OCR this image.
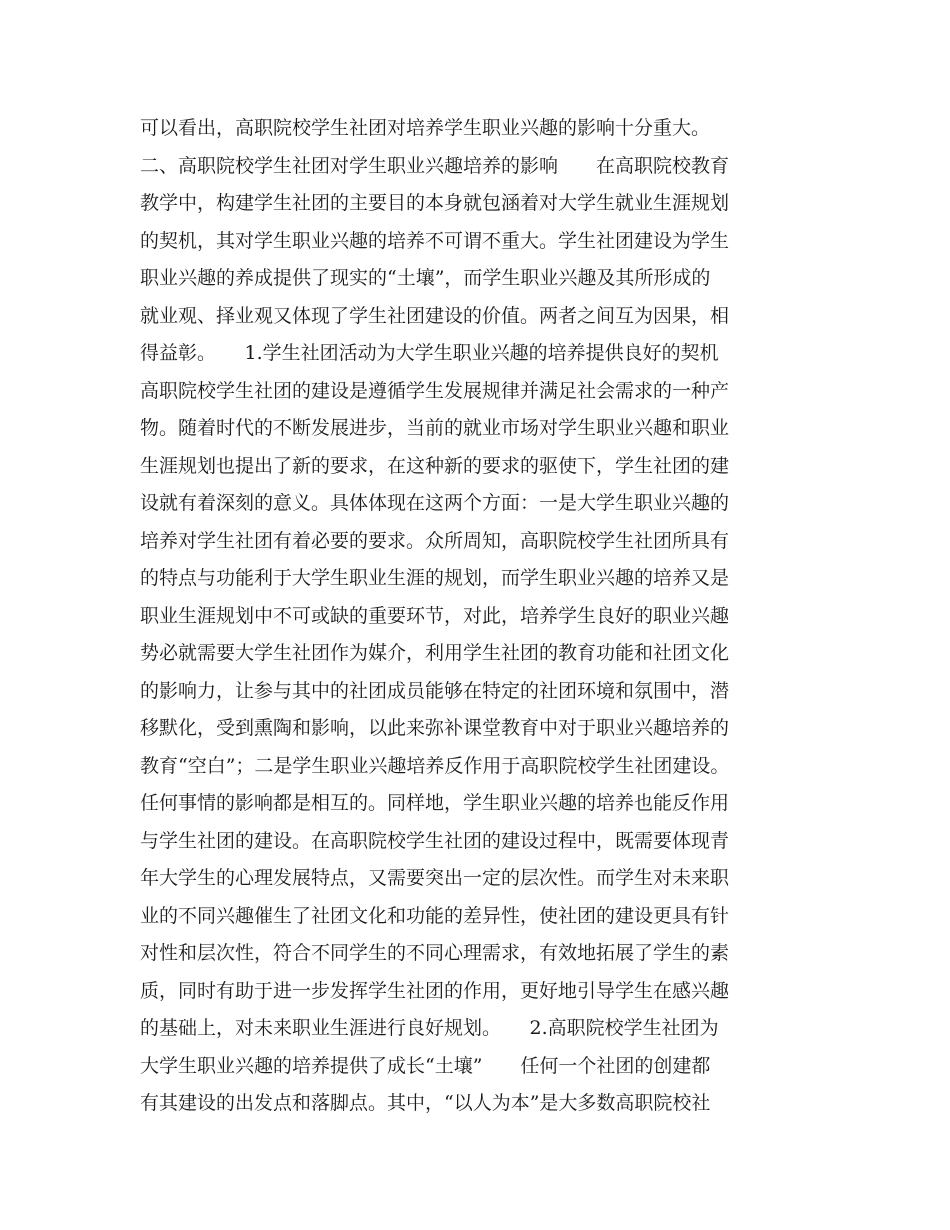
可以看出，高职院校学生社团对培养学生职业兴趣的影响十分重大。
二、高职院校学生社团对学生职业兴趣培养的影响　　在高职院校教育
教学中，构建学生社团的主要目的本身就包涵着对大学生就业生涯规划
的契机，其对学生职业兴趣的培养不可谓不重大。学生社团建设为学生
职业兴趣的养成提供了现实的“土壤”，而学生职业兴趣及其所形成的
就业观、择业观又体现了学生社团建设的价值。两者之间互为因果，相
得益彰。　　1.学生社团活动为大学生职业兴趣的培养提供良好的契机
高职院校学生社团的建设是遵循学生发展规律并满足社会需求的一种产
物。随着时代的不断发展进步，当前的就业市场对学生职业兴趣和职业
生涯规划也提出了新的要求，在这种新的要求的驱使下，学生社团的建
设就有着深刻的意义。具体体现在这两个方面：一是大学生职业兴趣的
培养对学生社团有着必要的要求。众所周知，高职院校学生社团所具有
的特点与功能利于大学生职业生涯的规划，而学生职业兴趣的培养又是
职业生涯规划中不可或缺的重要环节，对此，培养学生良好的职业兴趣
势必就需要大学生社团作为媒介，利用学生社团的教育功能和社团文化
的影响力，让参与其中的社团成员能够在特定的社团环境和氛围中，潜
移默化，受到熏陶和影响，以此来弥补课堂教育中对于职业兴趣培养的
教育“空白”；二是学生职业兴趣培养反作用于高职院校学生社团建设。
任何事情的影响都是相互的。同样地，学生职业兴趣的培养也能反作用
与学生社团的建设。在高职院校学生社团的建设过程中，既需要体现青
年大学生的心理发展特点，又需要突出一定的层次性。而学生对未来职
业的不同兴趣催生了社团文化和功能的差异性，使社团的建设更具有针
对性和层次性，符合不同学生的不同心理需求，有效地拓展了学生的素
质，同时有助于进一步发挥学生社团的作用，更好地引导学生在感兴趣
的基础上，对未来职业生涯进行良好规划。　　2.高职院校学生社团为
大学生职业兴趣的培养提供了成长“土壤”　　任何一个社团的创建都
有其建设的出发点和落脚点。其中，“以人为本”是大多数高职院校社
